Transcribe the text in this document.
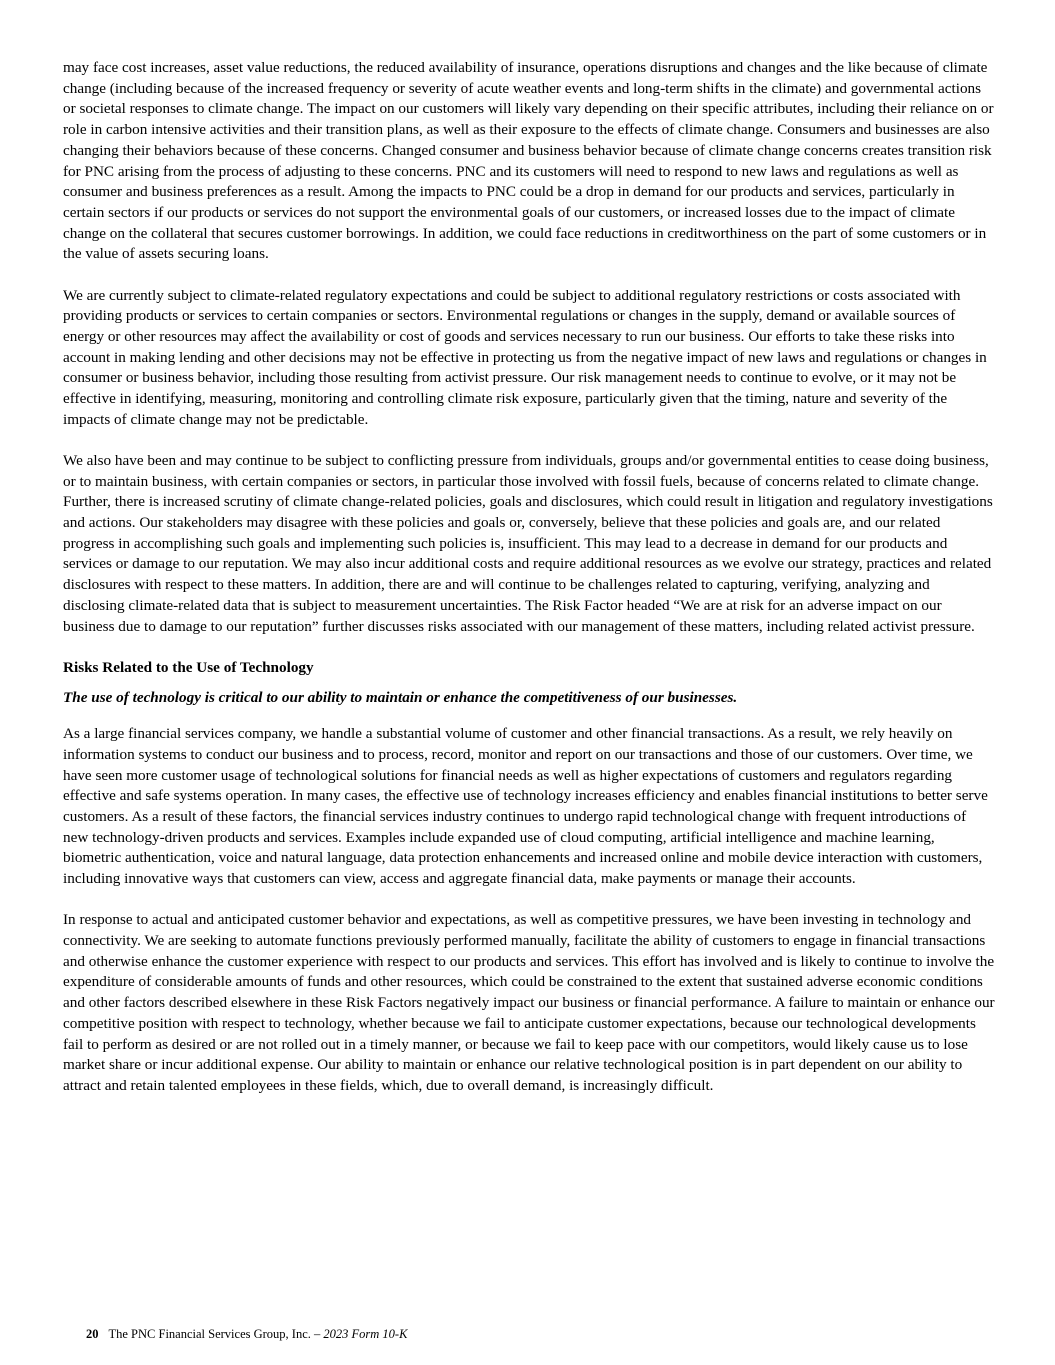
may face cost increases, asset value reductions, the reduced availability of insurance, operations disruptions and changes and the like because of climate change (including because of the increased frequency or severity of acute weather events and long-term shifts in the climate) and governmental actions or societal responses to climate change. The impact on our customers will likely vary depending on their specific attributes, including their reliance on or role in carbon intensive activities and their transition plans, as well as their exposure to the effects of climate change. Consumers and businesses are also changing their behaviors because of these concerns. Changed consumer and business behavior because of climate change concerns creates transition risk for PNC arising from the process of adjusting to these concerns. PNC and its customers will need to respond to new laws and regulations as well as consumer and business preferences as a result. Among the impacts to PNC could be a drop in demand for our products and services, particularly in certain sectors if our products or services do not support the environmental goals of our customers, or increased losses due to the impact of climate change on the collateral that secures customer borrowings. In addition, we could face reductions in creditworthiness on the part of some customers or in the value of assets securing loans.

We are currently subject to climate-related regulatory expectations and could be subject to additional regulatory restrictions or costs associated with providing products or services to certain companies or sectors. Environmental regulations or changes in the supply, demand or available sources of energy or other resources may affect the availability or cost of goods and services necessary to run our business. Our efforts to take these risks into account in making lending and other decisions may not be effective in protecting us from the negative impact of new laws and regulations or changes in consumer or business behavior, including those resulting from activist pressure. Our risk management needs to continue to evolve, or it may not be effective in identifying, measuring, monitoring and controlling climate risk exposure, particularly given that the timing, nature and severity of the impacts of climate change may not be predictable.

We also have been and may continue to be subject to conflicting pressure from individuals, groups and/or governmental entities to cease doing business, or to maintain business, with certain companies or sectors, in particular those involved with fossil fuels, because of concerns related to climate change. Further, there is increased scrutiny of climate change-related policies, goals and disclosures, which could result in litigation and regulatory investigations and actions. Our stakeholders may disagree with these policies and goals or, conversely, believe that these policies and goals are, and our related progress in accomplishing such goals and implementing such policies is, insufficient. This may lead to a decrease in demand for our products and services or damage to our reputation. We may also incur additional costs and require additional resources as we evolve our strategy, practices and related disclosures with respect to these matters. In addition, there are and will continue to be challenges related to capturing, verifying, analyzing and disclosing climate-related data that is subject to measurement uncertainties. The Risk Factor headed “We are at risk for an adverse impact on our business due to damage to our reputation” further discusses risks associated with our management of these matters, including related activist pressure.

Risks Related to the Use of Technology

The use of technology is critical to our ability to maintain or enhance the competitiveness of our businesses.

As a large financial services company, we handle a substantial volume of customer and other financial transactions. As a result, we rely heavily on information systems to conduct our business and to process, record, monitor and report on our transactions and those of our customers. Over time, we have seen more customer usage of technological solutions for financial needs as well as higher expectations of customers and regulators regarding effective and safe systems operation. In many cases, the effective use of technology increases efficiency and enables financial institutions to better serve customers. As a result of these factors, the financial services industry continues to undergo rapid technological change with frequent introductions of new technology-driven products and services. Examples include expanded use of cloud computing, artificial intelligence and machine learning, biometric authentication, voice and natural language, data protection enhancements and increased online and mobile device interaction with customers, including innovative ways that customers can view, access and aggregate financial data, make payments or manage their accounts.

In response to actual and anticipated customer behavior and expectations, as well as competitive pressures, we have been investing in technology and connectivity. We are seeking to automate functions previously performed manually, facilitate the ability of customers to engage in financial transactions and otherwise enhance the customer experience with respect to our products and services. This effort has involved and is likely to continue to involve the expenditure of considerable amounts of funds and other resources, which could be constrained to the extent that sustained adverse economic conditions and other factors described elsewhere in these Risk Factors negatively impact our business or financial performance. A failure to maintain or enhance our competitive position with respect to technology, whether because we fail to anticipate customer expectations, because our technological developments fail to perform as desired or are not rolled out in a timely manner, or because we fail to keep pace with our competitors, would likely cause us to lose market share or incur additional expense. Our ability to maintain or enhance our relative technological position is in part dependent on our ability to attract and retain talented employees in these fields, which, due to overall demand, is increasingly difficult.

20 The PNC Financial Services Group, Inc. – 2023 Form 10-K
